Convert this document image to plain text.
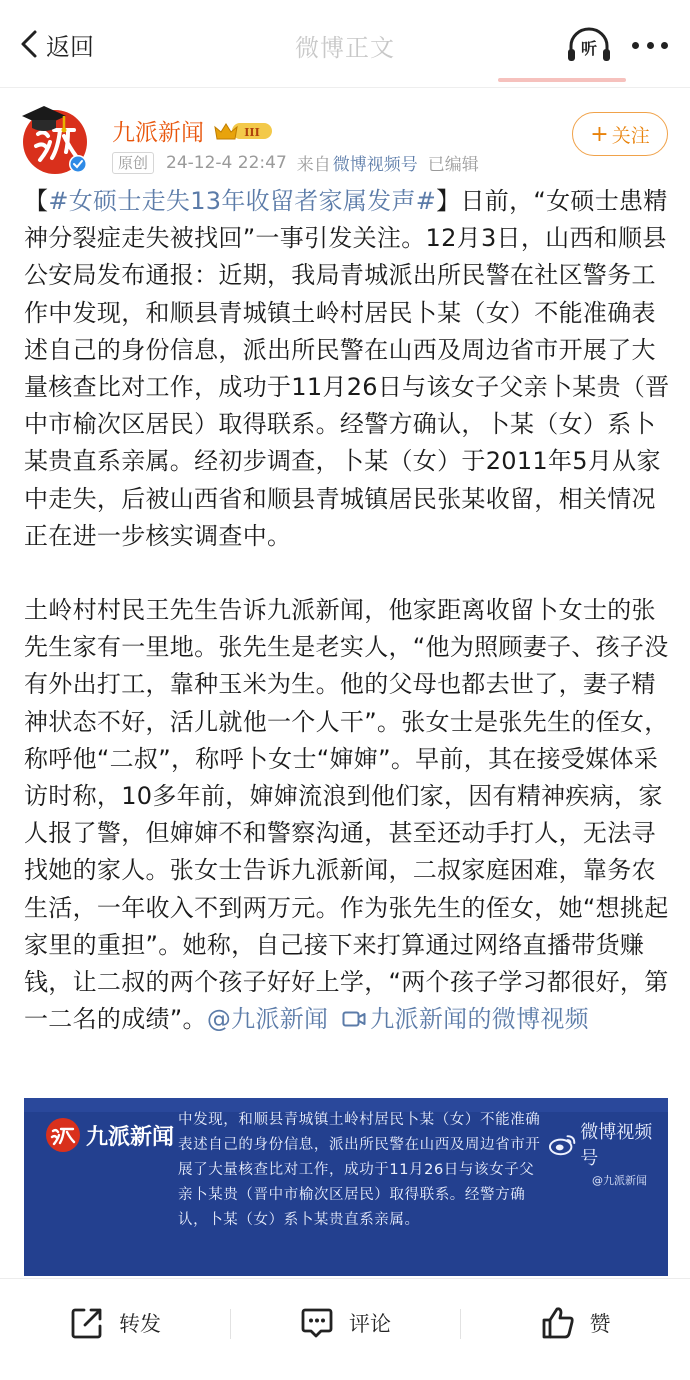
返回	微博正文	听
九派新闻	III
原创	24-12-4 22:47 来自 微博视频号 已编辑
+ 关注

【#女硕士走失13年收留者家属发声#】日前，“女硕士患精神分裂症走失被找回”一事引发关注。12月3日，山西和顺县公安局发布通报：近期，我局青城派出所民警在社区警务工作中发现，和顺县青城镇土岭村居民卜某（女）不能准确表述自己的身份信息，派出所民警在山西及周边省市开展了大量核查比对工作，成功于11月26日与该女子父亲卜某贵（晋中市榆次区居民）取得联系。经警方确认，卜某（女）系卜某贵直系亲属。经初步调查，卜某（女）于2011年5月从家中走失，后被山西省和顺县青城镇居民张某收留，相关情况正在进一步核实调查中。

土岭村村民王先生告诉九派新闻，他家距离收留卜女士的张先生家有一里地。张先生是老实人，“他为照顾妻子、孩子没有外出打工，靠种玉米为生。他的父母也都去世了，妻子精神状态不好，活儿就他一个人干”。张女士是张先生的侄女，称呼他“二叔”，称呼卜女士“婶婶”。早前，其在接受媒体采访时称，10多年前，婶婶流浪到他们家，因有精神疾病，家人报了警，但婶婶不和警察沟通，甚至还动手打人，无法寻找她的家人。张女士告诉九派新闻，二叔家庭困难，靠务农生活，一年收入不到两万元。作为张先生的侄女，她“想挑起家里的重担”。她称，自己接下来打算通过网络直播带货赚钱，让二叔的两个孩子好好上学，“两个孩子学习都很好，第一二名的成绩”。@九派新闻 九派新闻的微博视频

九派新闻
中发现，和顺县青城镇土岭村居民卜某（女）不能准确表述自己的身份信息，派出所民警在山西及周边省市开展了大量核查比对工作，成功于11月26日与该女子父亲卜某贵（晋中市榆次区居民）取得联系。经警方确认，卜某（女）系卜某贵直系亲属。
微博视频号
@九派新闻
转发	评论	赞
